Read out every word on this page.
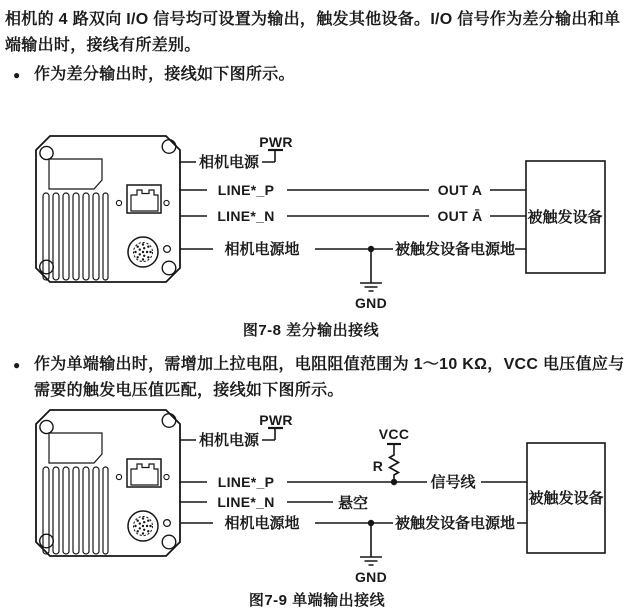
相机的 4 路双向 I/O 信号均可设置为输出，触发其他设备。I/O 信号作为差分输出和单
端输出时，接线有所差别。
● 作为差分输出时，接线如下图所示。
PWR
相机电源
LINE*_P	OUT A
LINE*_N	OUT Ā
相机电源地	被触发设备电源地
GND
被触发设备
图7-8 差分输出接线
● 作为单端输出时，需增加上拉电阻，电阻阻值范围为 1～10 KΩ，VCC 电压值应与
需要的触发电压值匹配，接线如下图所示。
PWR
相机电源	VCC
R
LINE*_P	信号线
LINE*_N	悬空
相机电源地	被触发设备电源地
GND
被触发设备
图7-9 单端输出接线
